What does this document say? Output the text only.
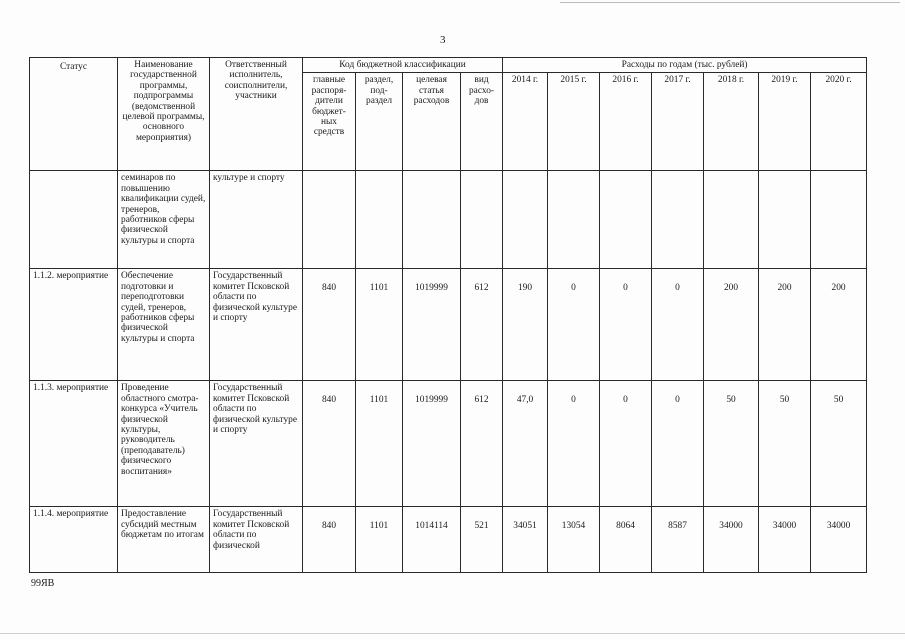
3
Статус	Наименование государственной программы, подпрограммы (ведомственной целевой программы, основного мероприятия)	Ответственный исполнитель, соисполнители, участники	Код бюджетной классификации				Расходы по годам (тыс. рублей)						
			главные распоря-дители бюджет-ных средств	раздел, под-раздел	целевая статья расходов	вид расхо-дов	2014 г.	2015 г.	2016 г.	2017 г.	2018 г.	2019 г.	2020 г.
	семинаров по повышению квалификации судей, тренеров, работников сферы физической культуры и спорта	культуре и спорту											
1.1.2. мероприятие	Обеспечение подготовки и переподготовки судей, тренеров, работников сферы физической культуры и спорта	Государственный комитет Псковской области по физической культуре и спорту	840	1101	1019999	612	190	0	0	0	200	200	200
1.1.3. мероприятие	Проведение областного смотра-конкурса «Учитель физической культуры, руководитель (преподаватель) физического воспитания»	Государственный комитет Псковской области по физической культуре и спорту	840	1101	1019999	612	47,0	0	0	0	50	50	50
1.1.4. мероприятие	Предоставление субсидий местным бюджетам по итогам	Государственный комитет Псковской области по физической	840	1101	1014114	521	34051	13054	8064	8587	34000	34000	34000
99ЯВ
